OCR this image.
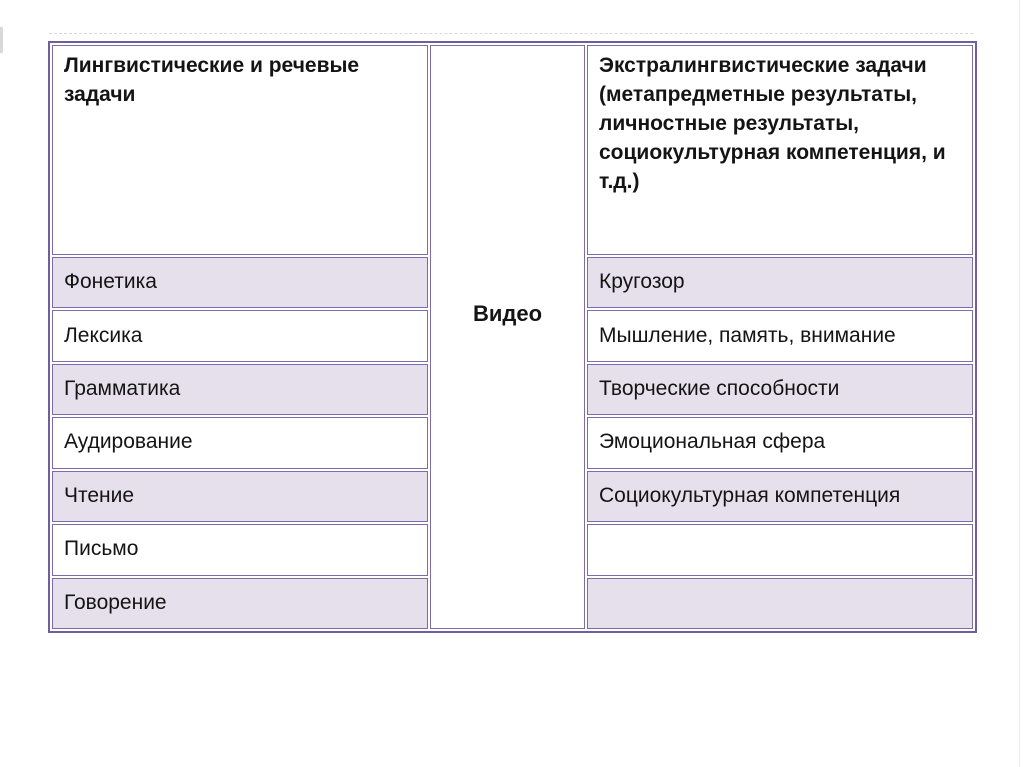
Лингвистические и речевые задачи
Фонетика
Лексика
Грамматика
Аудирование
Чтение
Письмо
Говорение
Видео
Экстралингвистические задачи (метапредметные результаты, личностные результаты, социокультурная компетенция, и т.д.)
Кругозор
Мышление, память, внимание
Творческие способности
Эмоциональная сфера
Социокультурная компетенция
